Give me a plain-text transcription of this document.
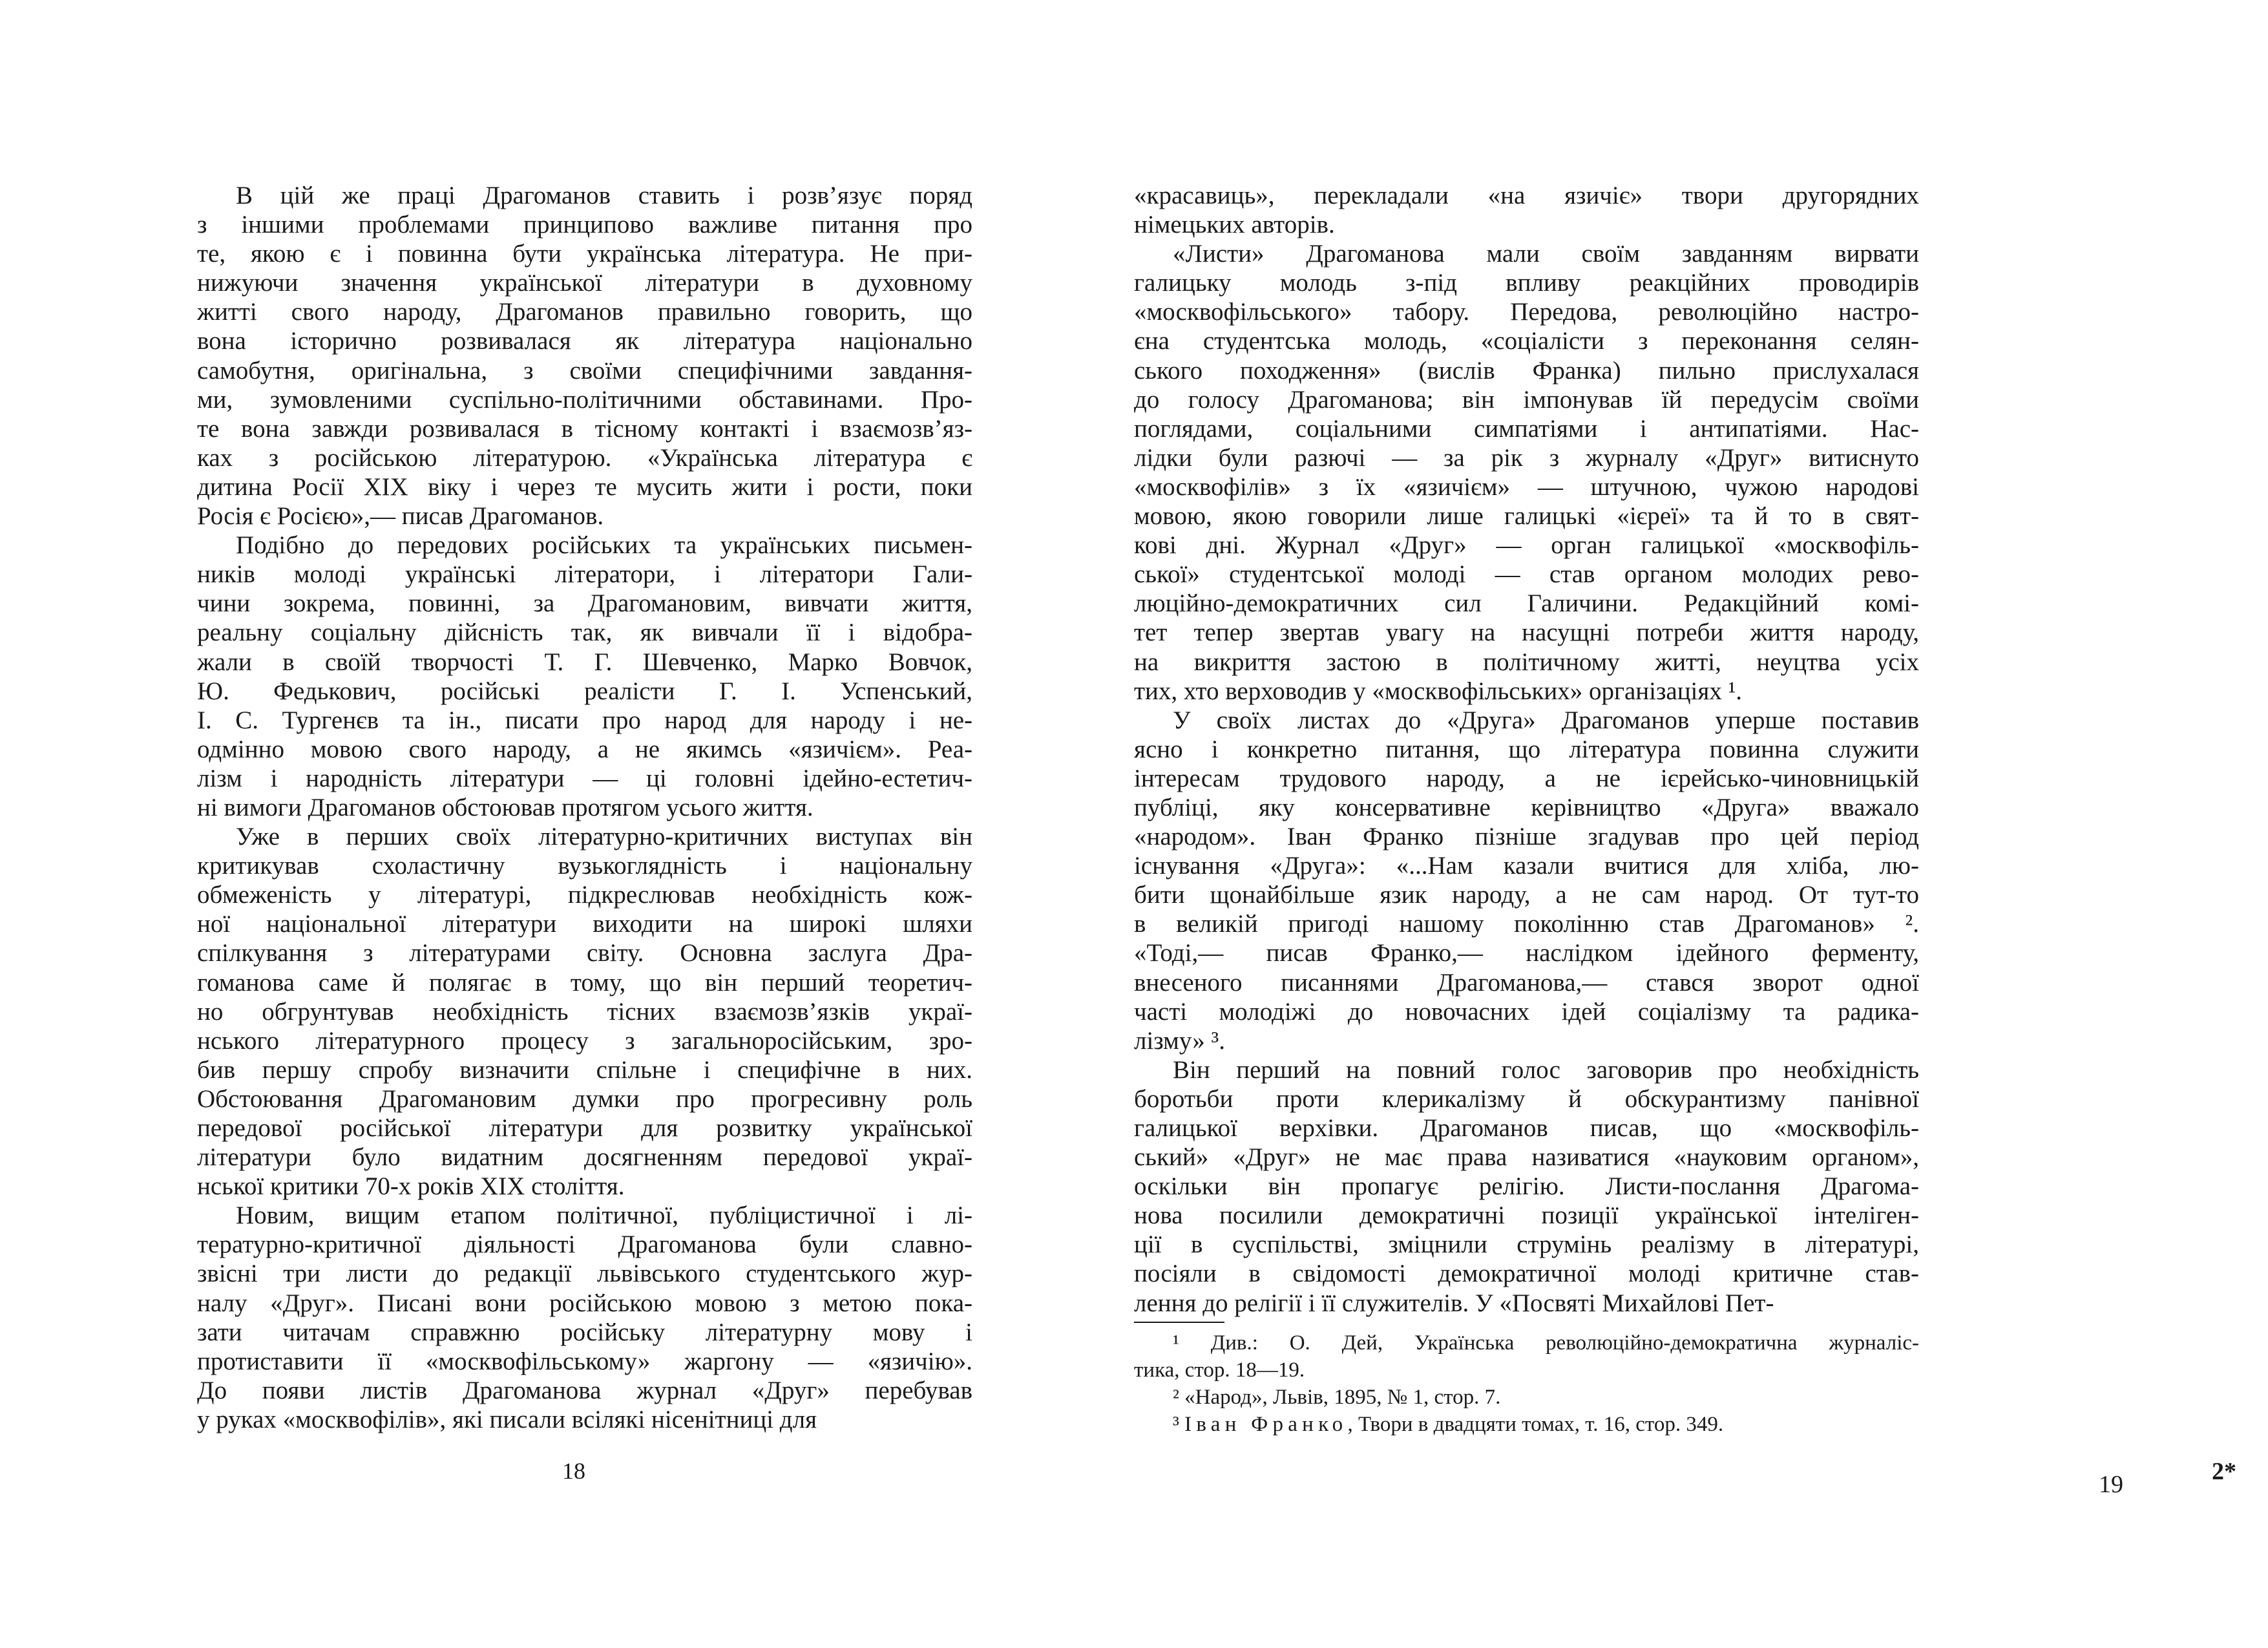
В цій же праці Драгоманов ставить і розв’язує поряд
з іншими проблемами принципово важливе питання про
те, якою є і повинна бути українська література. Не при-
нижуючи значення української літератури в духовному
житті свого народу, Драгоманов правильно говорить, що
вона історично розвивалася як література національно
самобутня, оригінальна, з своїми специфічними завдання-
ми, зумовленими суспільно-політичними обставинами. Про-
те вона завжди розвивалася в тісному контакті і взаємозв’яз-
ках з російською літературою. «Українська література є
дитина Росії XIX віку і через те мусить жити і рости, поки
Росія є Росією»,— писав Драгоманов.
Подібно до передових російських та українських письмен-
ників молоді українські літератори, і літератори Гали-
чини зокрема, повинні, за Драгомановим, вивчати життя,
реальну соціальну дійсність так, як вивчали її і відобра-
жали в своїй творчості Т. Г. Шевченко, Марко Вовчок,
Ю. Федькович, російські реалісти Г. І. Успенський,
І. С. Тургенєв та ін., писати про народ для народу і не-
одмінно мовою свого народу, а не якимсь «язичієм». Реа-
лізм і народність літератури — ці головні ідейно-естетич-
ні вимоги Драгоманов обстоював протягом усього життя.
Уже в перших своїх літературно-критичних виступах він
критикував схоластичну вузькоглядність і національну
обмеженість у літературі, підкреслював необхідність кож-
ної національної літератури виходити на широкі шляхи
спілкування з літературами світу. Основна заслуга Дра-
гоманова саме й полягає в тому, що він перший теоретич-
но обгрунтував необхідність тісних взаємозв’язків украї-
нського літературного процесу з загальноросійським, зро-
бив першу спробу визначити спільне і специфічне в них.
Обстоювання Драгомановим думки про прогресивну роль
передової російської літератури для розвитку української
літератури було видатним досягненням передової украї-
нської критики 70-х років XIX століття.
Новим, вищим етапом політичної, публіцистичної і лі-
тературно-критичної діяльності Драгоманова були славно-
звісні три листи до редакції львівського студентського жур-
налу «Друг». Писані вони російською мовою з метою пока-
зати читачам справжню російську літературну мову і
протиставити її «москвофільському» жаргону — «язичію».
До появи листів Драгоманова журнал «Друг» перебував
у руках «москвофілів», які писали всілякі нісенітниці для
18
«красавиць», перекладали «на язичіє» твори другорядних
німецьких авторів.
«Листи» Драгоманова мали своїм завданням вирвати
галицьку молодь з-під впливу реакційних проводирів
«москвофільського» табору. Передова, революційно настро-
єна студентська молодь, «соціалісти з переконання селян-
ського походження» (вислів Франка) пильно прислухалася
до голосу Драгоманова; він імпонував їй передусім своїми
поглядами, соціальними симпатіями і антипатіями. Нас-
лідки були разючі — за рік з журналу «Друг» витиснуто
«москвофілів» з їх «язичієм» — штучною, чужою народові
мовою, якою говорили лише галицькі «ієреї» та й то в свят-
кові дні. Журнал «Друг» — орган галицької «москвофіль-
ської» студентської молоді — став органом молодих рево-
люційно-демократичних сил Галичини. Редакційний комі-
тет тепер звертав увагу на насущні потреби життя народу,
на викриття застою в політичному житті, неуцтва усіх
тих, хто верховодив у «москвофільських» організаціях ¹.
У своїх листах до «Друга» Драгоманов уперше поставив
ясно і конкретно питання, що література повинна служити
інтересам трудового народу, а не ієрейсько-чиновницькій
публіці, яку консервативне керівництво «Друга» вважало
«народом». Іван Франко пізніше згадував про цей період
існування «Друга»: «...Нам казали вчитися для хліба, лю-
бити щонайбільше язик народу, а не сам народ. От тут-то
в великій пригоді нашому поколінню став Драгоманов» ².
«Тоді,— писав Франко,— наслідком ідейного ферменту,
внесеного писаннями Драгоманова,— стався зворот одної
часті молодіжі до новочасних ідей соціалізму та радика-
лізму» ³.
Він перший на повний голос заговорив про необхідність
боротьби проти клерикалізму й обскурантизму панівної
галицької верхівки. Драгоманов писав, що «москвофіль-
ський» «Друг» не має права називатися «науковим органом»,
оскільки він пропагує релігію. Листи-послання Драгома-
нова посилили демократичні позиції української інтеліген-
ції в суспільстві, зміцнили струмінь реалізму в літературі,
посіяли в свідомості демократичної молоді критичне став-
лення до релігії і її служителів. У «Посвяті Михайлові Пет-
¹ Див.: О. Дей, Українська революційно-демократична журналіс-
тика, стор. 18—19.
² «Народ», Львів, 1895, № 1, стор. 7.
³ Іван Франко, Твори в двадцяти томах, т. 16, стор. 349.
2*
19
